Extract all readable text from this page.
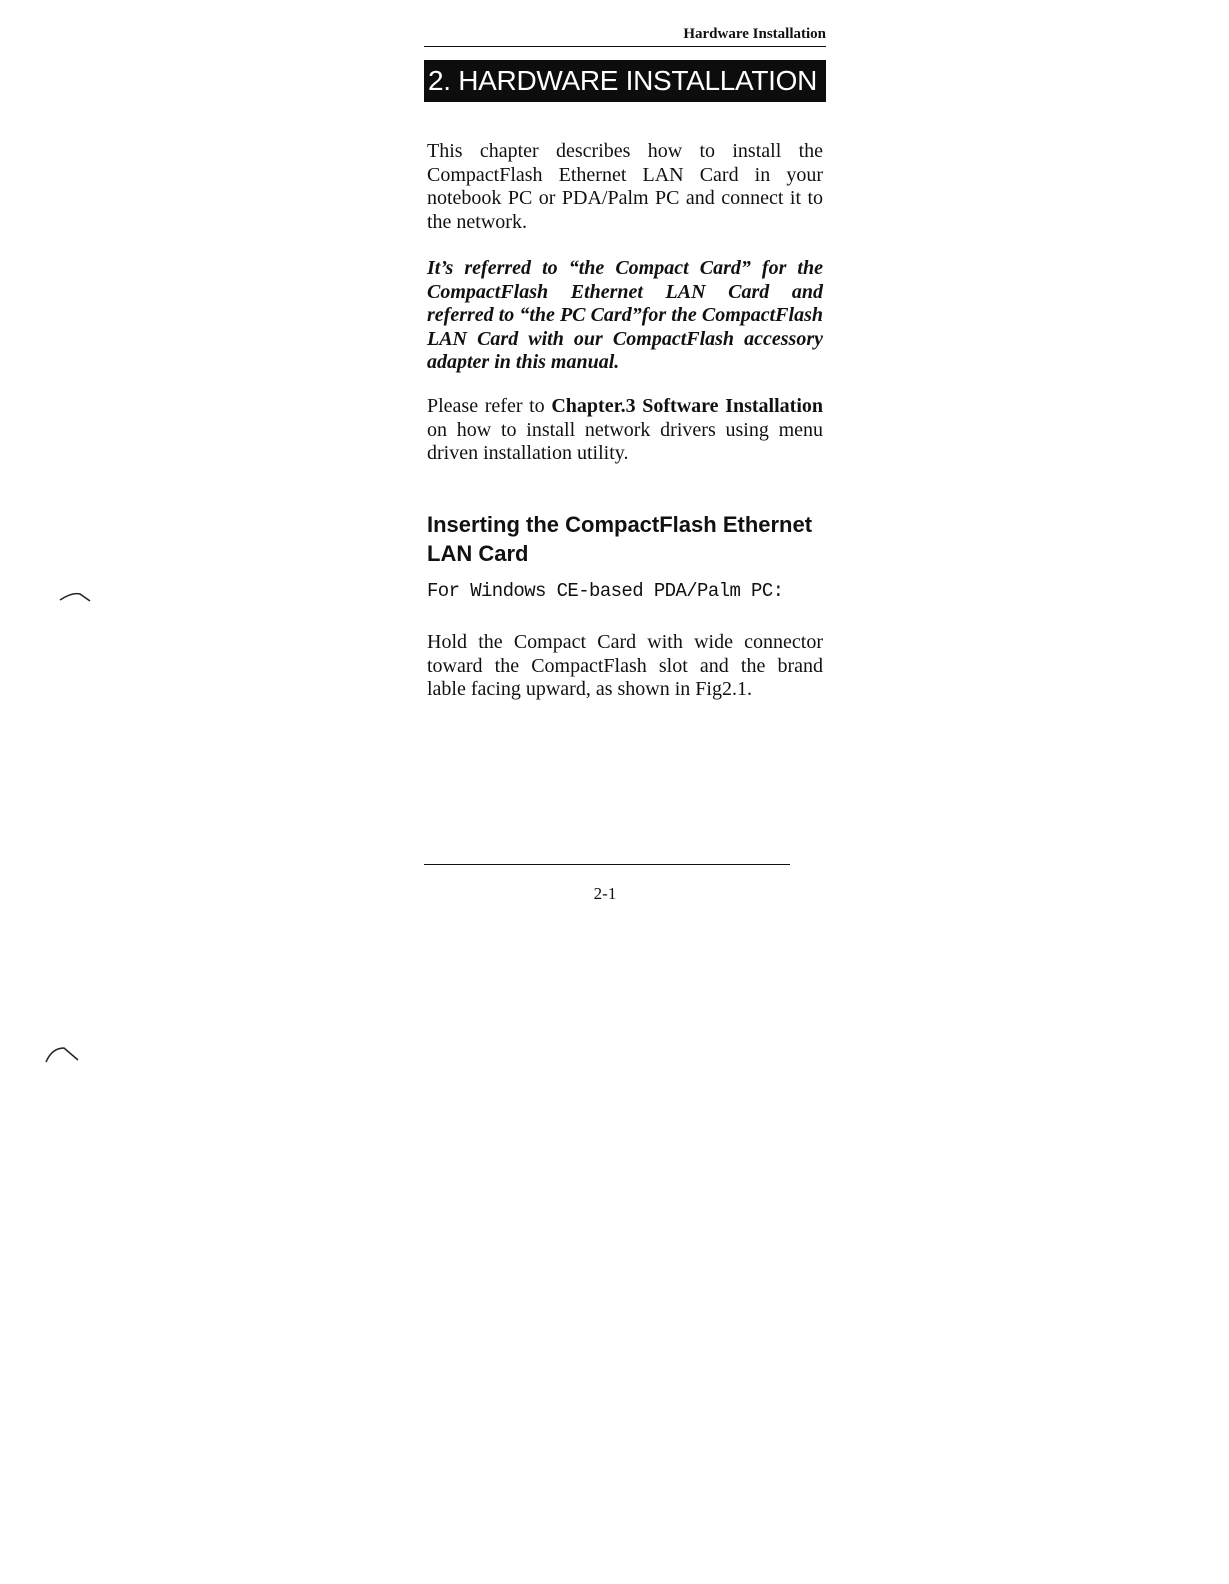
Hardware Installation
2. HARDWARE INSTALLATION

This chapter describes how to install the CompactFlash Ethernet LAN Card in your notebook PC or PDA/Palm PC and connect it to the network.

It’s referred to “the Compact Card” for the CompactFlash Ethernet LAN Card and referred to “the PC Card”for the CompactFlash LAN Card with our CompactFlash accessory adapter in this manual.

Please refer to Chapter.3 Software Installation on how to install network drivers using menu driven installation utility.

Inserting the CompactFlash Ethernet LAN Card

For Windows CE-based PDA/Palm PC:

Hold the Compact Card with wide connector toward the CompactFlash slot and the brand lable facing upward, as shown in Fig2.1.

2-1
